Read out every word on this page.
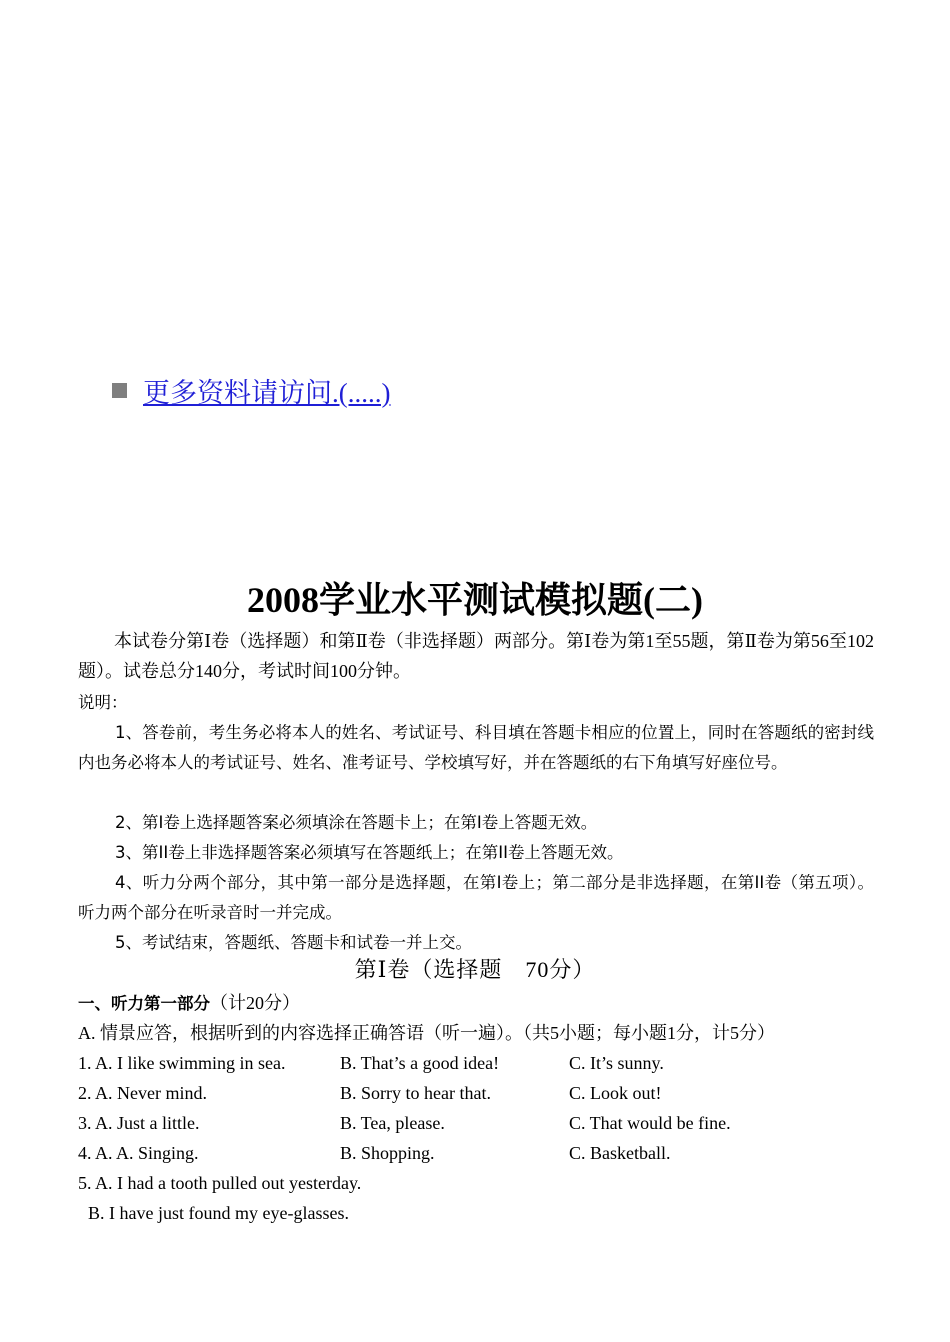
更多资料请访问.(.....)
2008学业水平测试模拟题(二)
本试卷分第Ⅰ卷（选择题）和第Ⅱ卷（非选择题）两部分。第Ⅰ卷为第1至55题，第Ⅱ卷为第56至102题）。试卷总分140分，考试时间100分钟。
说明：
1、答卷前，考生务必将本人的姓名、考试证号、科目填在答题卡相应的位置上，同时在答题纸的密封线内也务必将本人的考试证号、姓名、准考证号、学校填写好，并在答题纸的右下角填写好座位号。
2、第Ⅰ卷上选择题答案必须填涂在答题卡上；在第Ⅰ卷上答题无效。
3、第II卷上非选择题答案必须填写在答题纸上；在第II卷上答题无效。
4、听力分两个部分，其中第一部分是选择题，在第Ⅰ卷上；第二部分是非选择题，在第II卷（第五项）。听力两个部分在听录音时一并完成。
5、考试结束，答题纸、答题卡和试卷一并上交。
第Ⅰ卷（选择题　70分）
一、听力第一部分（计20分）
A. 情景应答，根据听到的内容选择正确答语（听一遍）。（共5小题；每小题1分，计5分）
1. A. I like swimming in sea.	B. That’s a good idea!	C. It’s sunny.
2. A. Never mind.	B. Sorry to hear that.	C. Look out!
3. A. Just a little.	B. Tea, please.	C. That would be fine.
4. A. A. Singing.	B. Shopping.	C. Basketball.
5. A. I had a tooth pulled out yesterday.
B. I have just found my eye-glasses.
